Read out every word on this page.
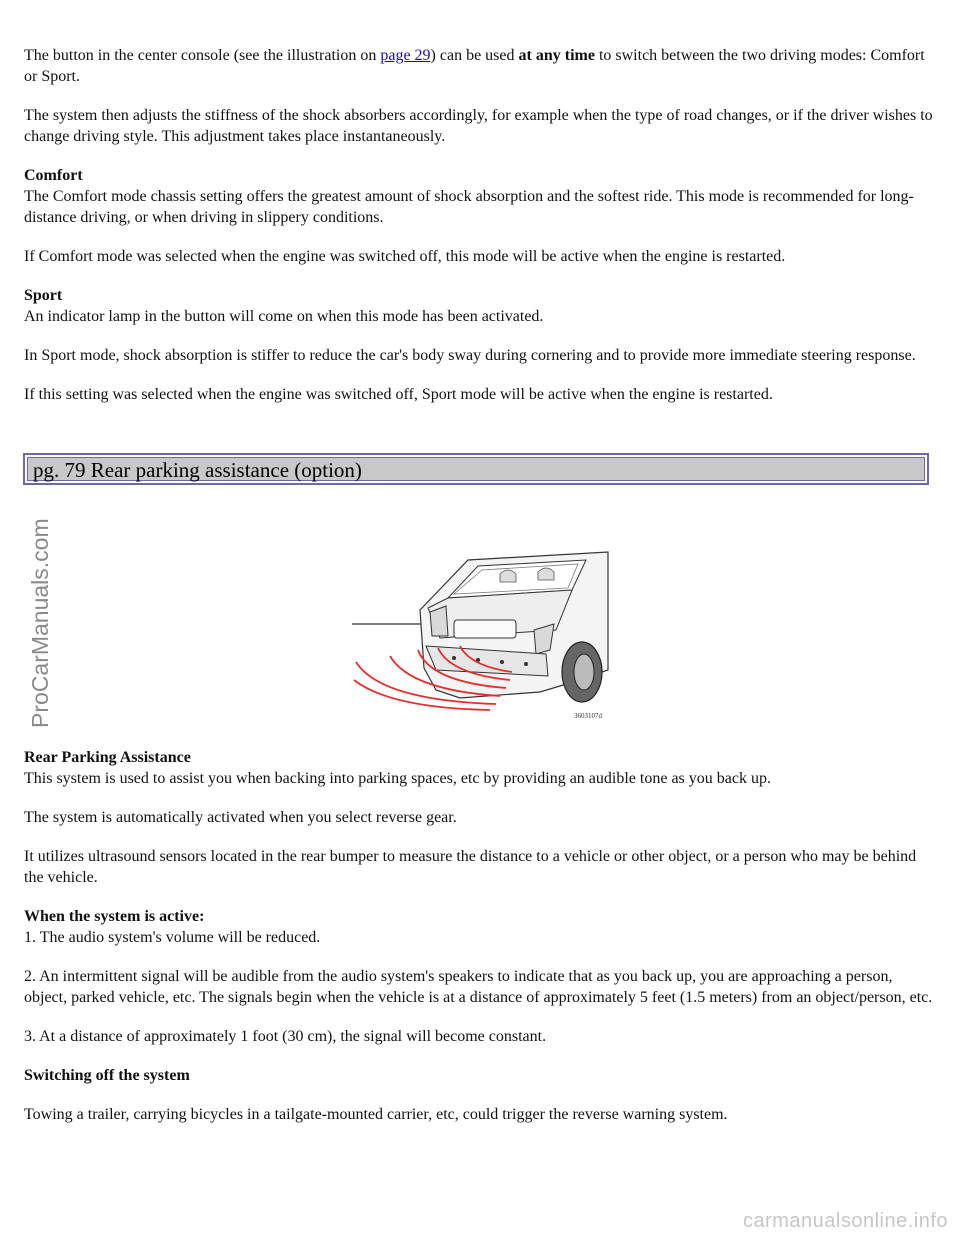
The button in the center console (see the illustration on page 29) can be used at any time to switch between the two driving modes: Comfort or Sport.

The system then adjusts the stiffness of the shock absorbers accordingly, for example when the type of road changes, or if the driver wishes to change driving style. This adjustment takes place instantaneously.

Comfort
The Comfort mode chassis setting offers the greatest amount of shock absorption and the softest ride. This mode is recommended for long-distance driving, or when driving in slippery conditions.

If Comfort mode was selected when the engine was switched off, this mode will be active when the engine is restarted.

Sport
An indicator lamp in the button will come on when this mode has been activated.

In Sport mode, shock absorption is stiffer to reduce the car's body sway during cornering and to provide more immediate steering response.

If this setting was selected when the engine was switched off, Sport mode will be active when the engine is restarted.

pg. 79 Rear parking assistance (option)
ProCarManuals.com	3603107d

Rear Parking Assistance
This system is used to assist you when backing into parking spaces, etc by providing an audible tone as you back up.

The system is automatically activated when you select reverse gear.

It utilizes ultrasound sensors located in the rear bumper to measure the distance to a vehicle or other object, or a person who may be behind the vehicle.

When the system is active:
1. The audio system's volume will be reduced.

2. An intermittent signal will be audible from the audio system's speakers to indicate that as you back up, you are approaching a person, object, parked vehicle, etc. The signals begin when the vehicle is at a distance of approximately 5 feet (1.5 meters) from an object/person, etc.

3. At a distance of approximately 1 foot (30 cm), the signal will become constant.

Switching off the system

Towing a trailer, carrying bicycles in a tailgate-mounted carrier, etc, could trigger the reverse warning system.

carmanualsonline.info
